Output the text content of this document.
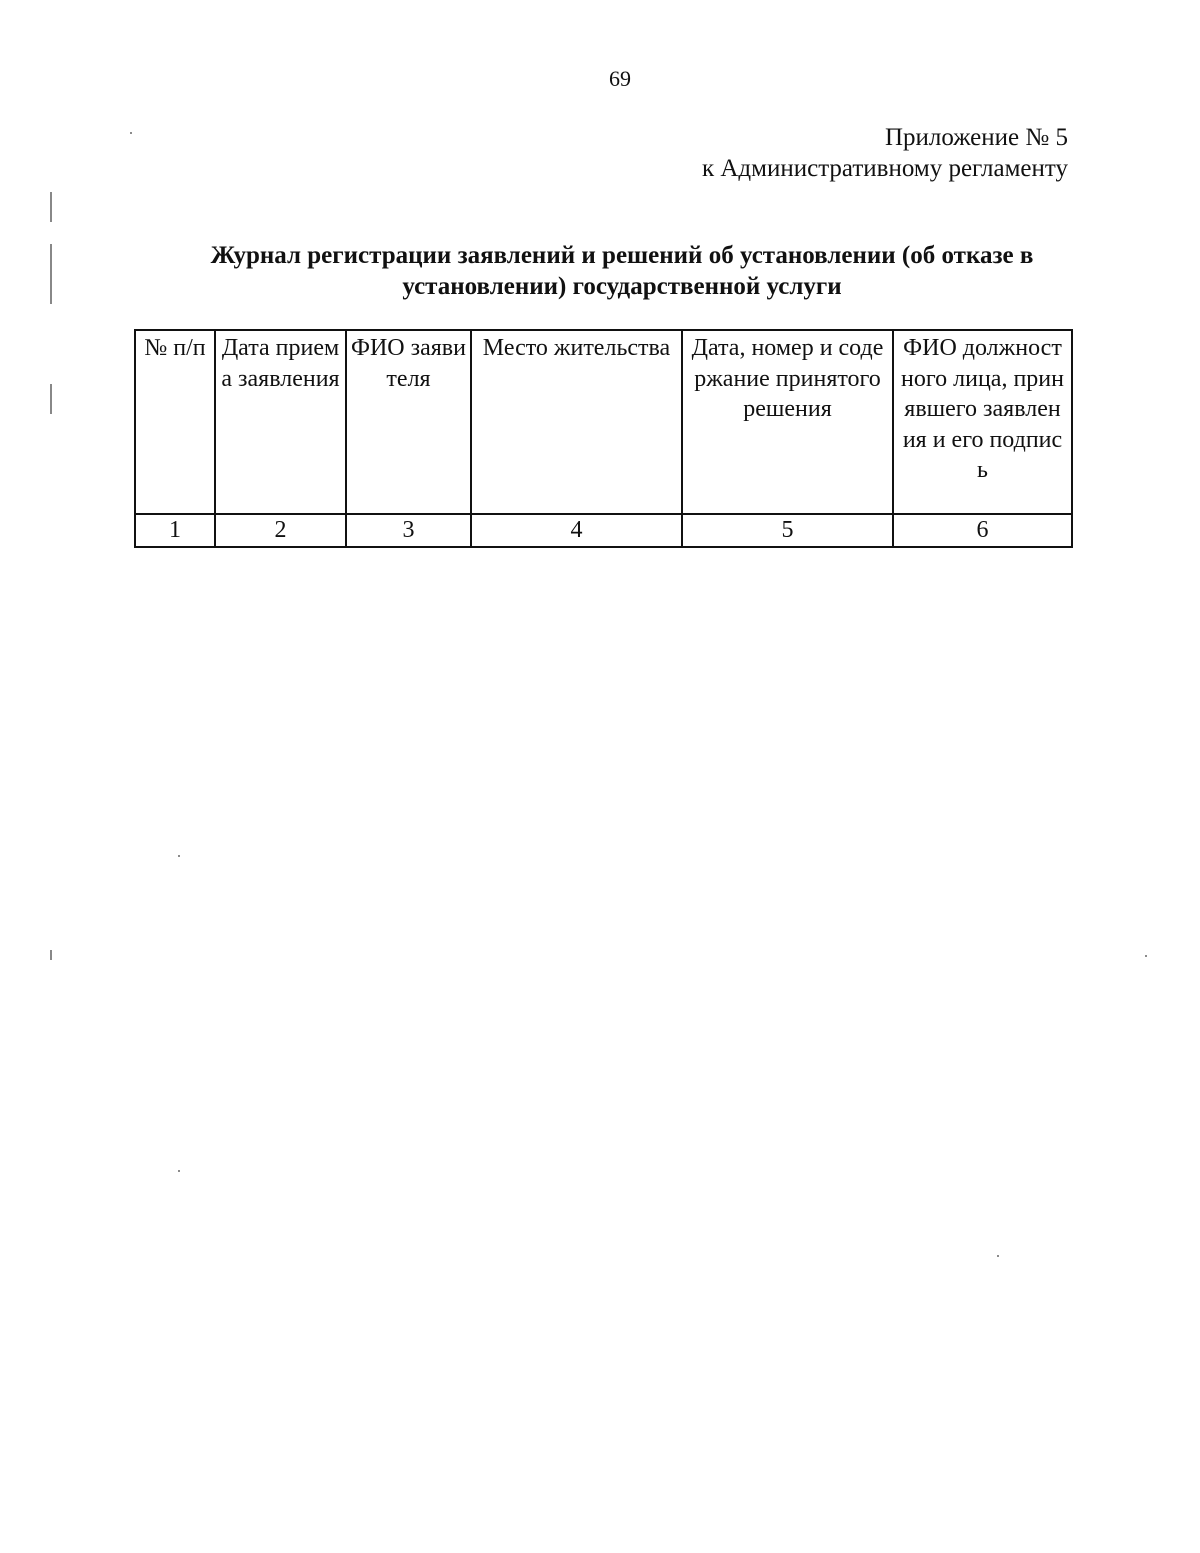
69
Приложение № 5
к Административному регламенту
Журнал регистрации заявлений и решений об установлении (об отказе в
установлении) государственной услуги
№ п/п	Дата приема заявления	ФИО заявителя	Место жительства	Дата, номер и содержание принятого решения	ФИО должностного лица, принявшего заявления и его подпись
1	2	3	4	5	6
